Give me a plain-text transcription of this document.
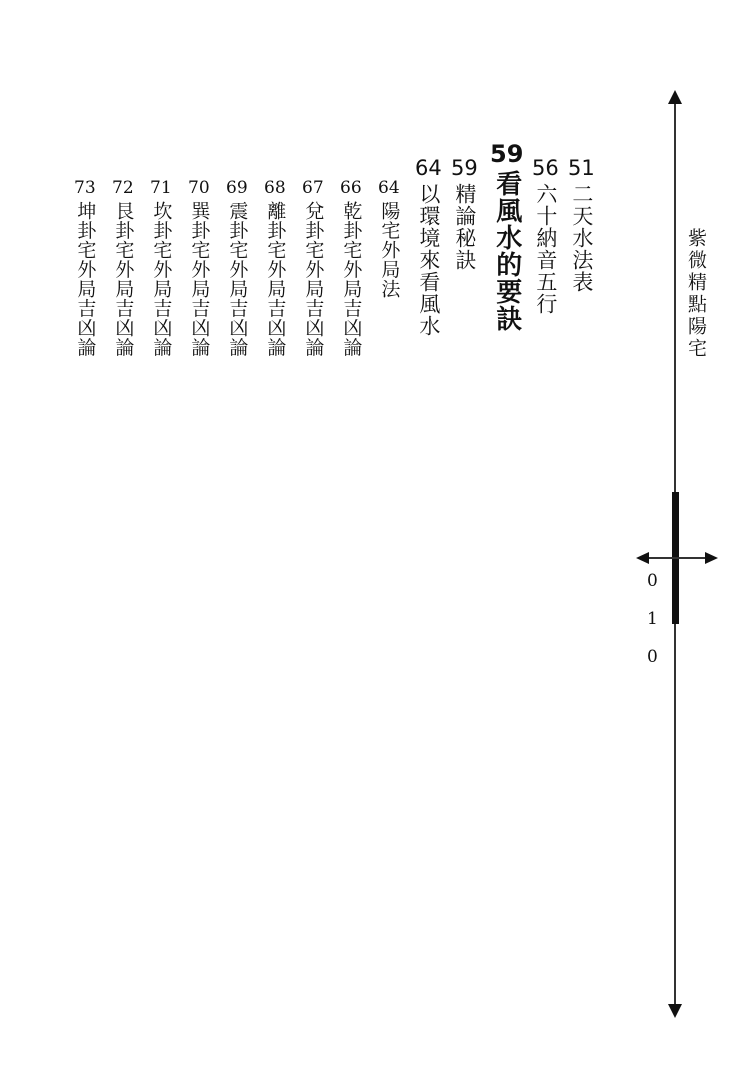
51
二天水法表
56
六十納音五行
59
看風水的要訣
59
精論秘訣
64
以環境來看風水
64
陽宅外局法
66
乾卦宅外局吉凶論
67
兌卦宅外局吉凶論
68
離卦宅外局吉凶論
69
震卦宅外局吉凶論
70
巽卦宅外局吉凶論
71
坎卦宅外局吉凶論
72
艮卦宅外局吉凶論
73
坤卦宅外局吉凶論	紫微精點陽宅
0
1
0
